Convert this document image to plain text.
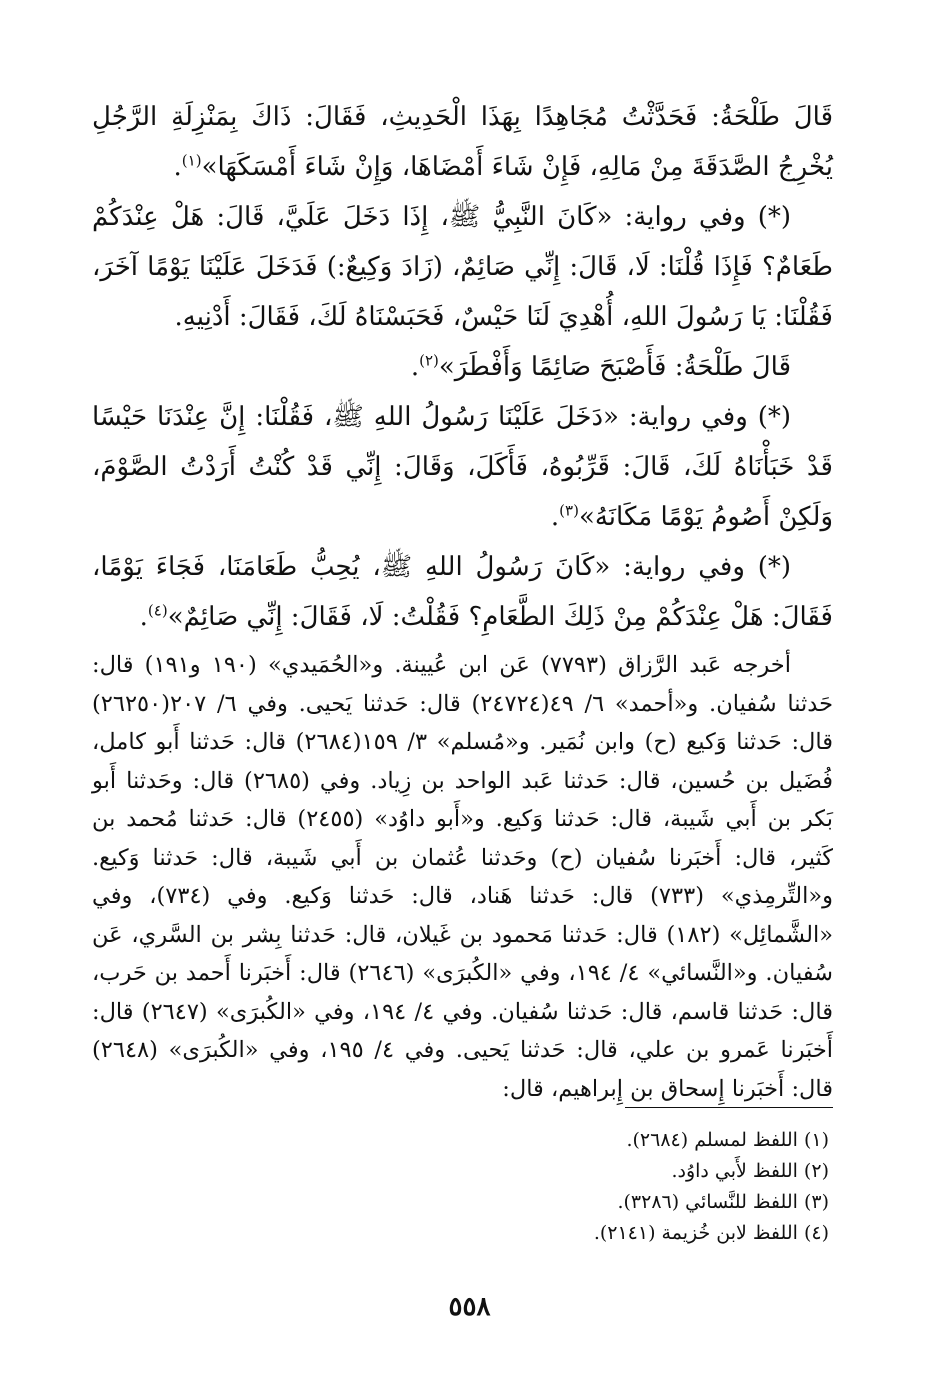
قَالَ طَلْحَةُ: فَحَدَّثْتُ مُجَاهِدًا بِهَذَا الْحَدِيثِ، فَقَالَ: ذَاكَ بِمَنْزِلَةِ الرَّجُلِ يُخْرِجُ الصَّدَقَةَ مِنْ مَالِهِ، فَإِنْ شَاءَ أَمْضَاهَا، وَإِنْ شَاءَ أَمْسَكَهَا»$^{(١)}$.

(*) وفي رواية: «كَانَ النَّبِيُّ ﷺ، إِذَا دَخَلَ عَلَيَّ، قَالَ: هَلْ عِنْدَكُمْ طَعَامٌ؟ فَإِذَا قُلْنَا: لَا، قَالَ: إِنِّي صَائِمٌ، (زَادَ وَكِيعٌ:) فَدَخَلَ عَلَيْنَا يَوْمًا آخَرَ، فَقُلْنَا: يَا رَسُولَ اللهِ، أُهْدِيَ لَنَا حَيْسٌ، فَحَبَسْنَاهُ لَكَ، فَقَالَ: أَدْنِيهِ.

قَالَ طَلْحَةُ: فَأَصْبَحَ صَائِمًا وَأَفْطَرَ»$^{(٢)}$.

(*) وفي رواية: «دَخَلَ عَلَيْنَا رَسُولُ اللهِ ﷺ، فَقُلْنَا: إِنَّ عِنْدَنَا حَيْسًا قَدْ خَبَأْنَاهُ لَكَ، قَالَ: قَرِّبُوهُ، فَأَكَلَ، وَقَالَ: إِنِّي قَدْ كُنْتُ أَرَدْتُ الصَّوْمَ، وَلَكِنْ أَصُومُ يَوْمًا مَكَانَهُ»$^{(٣)}$.

(*) وفي رواية: «كَانَ رَسُولُ اللهِ ﷺ، يُحِبُّ طَعَامَنَا، فَجَاءَ يَوْمًا، فَقَالَ: هَلْ عِنْدَكُمْ مِنْ ذَلِكَ الطَّعَامِ؟ فَقُلْتُ: لَا، فَقَالَ: إِنِّي صَائِمٌ»$^{(٤)}$.

أخرجه عَبد الرَّزاق (٧٧٩٣) عَن ابن عُيينة. و«الحُمَيدي» (١٩٠ و١٩١) قال: حَدثنا سُفيان. و«أحمد» ٦/ ٤٩(٢٤٧٢٤) قال: حَدثنا يَحيى. وفي ٦/ ٢٠٧(٢٦٢٥٠) قال: حَدثنا وَكيع (ح) وابن نُمَير. و«مُسلم» ٣/ ١٥٩(٢٦٨٤) قال: حَدثنا أَبو كامل، فُضَيل بن حُسين، قال: حَدثنا عَبد الواحد بن زِياد. وفي (٢٦٨٥) قال: وحَدثنا أَبو بَكر بن أَبي شَيبة، قال: حَدثنا وَكيع. و«أَبو داوُد» (٢٤٥٥) قال: حَدثنا مُحمد بن كَثير، قال: أَخبَرنا سُفيان (ح) وحَدثنا عُثمان بن أَبي شَيبة، قال: حَدثنا وَكيع. و«التِّرمِذي» (٧٣٣) قال: حَدثنا هَناد، قال: حَدثنا وَكيع. وفي (٧٣٤)، وفي «الشَّمائِل» (١٨٢) قال: حَدثنا مَحمود بن غَيلان، قال: حَدثنا بِشر بن السَّري، عَن سُفيان. و«النَّسائي» ٤/ ١٩٤، وفي «الكُبرَى» (٢٦٤٦) قال: أَخبَرنا أَحمد بن حَرب، قال: حَدثنا قاسم، قال: حَدثنا سُفيان. وفي ٤/ ١٩٤، وفي «الكُبرَى» (٢٦٤٧) قال: أَخبَرنا عَمرو بن علي، قال: حَدثنا يَحيى. وفي ٤/ ١٩٥، وفي «الكُبرَى» (٢٦٤٨) قال: أَخبَرنا إِسحاق بن إِبراهيم، قال:

(١) اللفظ لمسلم (٢٦٨٤).
(٢) اللفظ لأَبي داوُد.
(٣) اللفظ للنَّسائي (٣٢٨٦).
(٤) اللفظ لابن خُزيمة (٢١٤١).
٥٥٨
